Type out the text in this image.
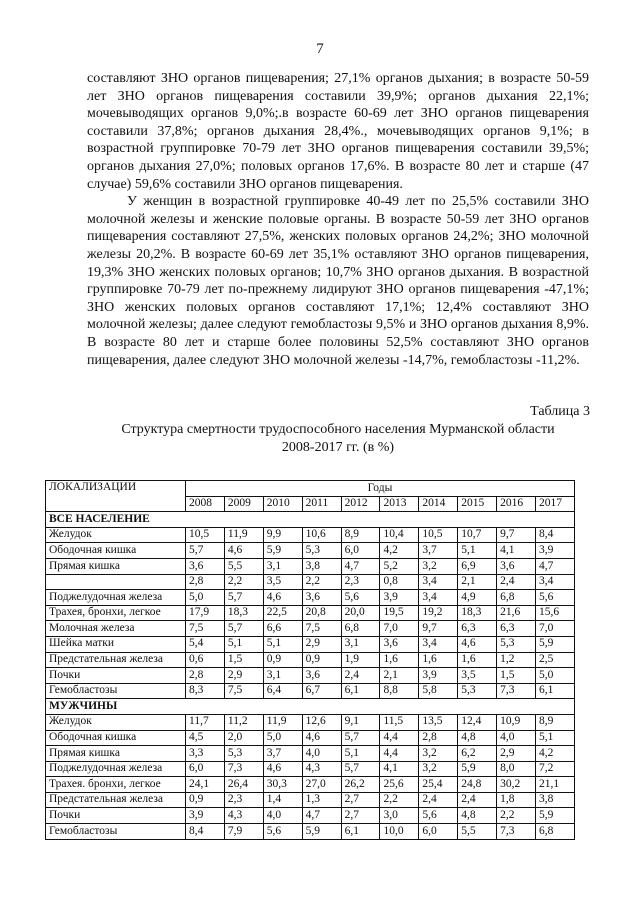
7

составляют ЗНО органов пищеварения; 27,1% органов дыхания; в возрасте 50-59 лет ЗНО органов пищеварения составили 39,9%; органов дыхания 22,1%; мочевыводящих органов 9,0%;.в возрасте 60-69 лет ЗНО органов пищеварения составили 37,8%; органов дыхания 28,4%., мочевыводящих органов 9,1%; в возрастной группировке 70-79 лет ЗНО органов пищеварения составили 39,5%; органов дыхания 27,0%; половых органов 17,6%. В возрасте 80 лет и старше (47 случае) 59,6% составили ЗНО органов пищеварения.

У женщин в возрастной группировке 40-49 лет по 25,5% составили ЗНО молочной железы и женские половые органы. В возрасте 50-59 лет ЗНО органов пищеварения составляют 27,5%, женских половых органов 24,2%; ЗНО молочной железы 20,2%. В возрасте 60-69 лет 35,1% оставляют ЗНО органов пищеварения, 19,3% ЗНО женских половых органов; 10,7% ЗНО органов дыхания. В возрастной группировке 70-79 лет по-прежнему лидируют ЗНО органов пищеварения -47,1%; ЗНО женских половых органов составляют 17,1%; 12,4% составляют ЗНО молочной железы; далее следуют гемобластозы 9,5% и ЗНО органов дыхания 8,9%. В возрасте 80 лет и старше более половины 52,5% составляют ЗНО органов пищеварения, далее следуют ЗНО молочной железы -14,7%, гемобластозы -11,2%.

Таблица 3
Структура смертности трудоспособного населения Мурманской области
2008-2017 гг. (в %)
ЛОКАЛИЗАЦИИ	Годы									
	2008	2009	2010	2011	2012	2013	2014	2015	2016	2017
ВСЕ НАСЕЛЕНИЕ										
Желудок	10,5	11,9	9,9	10,6	8,9	10,4	10,5	10,7	9,7	8,4
Ободочная кишка	5,7	4,6	5,9	5,3	6,0	4,2	3,7	5,1	4,1	3,9
Прямая кишка	3,6	5,5	3,1	3,8	4,7	5,2	3,2	6,9	3,6	4,7
	2,8	2,2	3,5	2,2	2,3	0,8	3,4	2,1	2,4	3,4
Поджелудочная железа	5,0	5,7	4,6	3,6	5,6	3,9	3,4	4,9	6,8	5,6
Трахея, бронхи, легкое	17,9	18,3	22,5	20,8	20,0	19,5	19,2	18,3	21,6	15,6
Молочная железа	7,5	5,7	6,6	7,5	6,8	7,0	9,7	6,3	6,3	7,0
Шейка матки	5,4	5,1	5,1	2,9	3,1	3,6	3,4	4,6	5,3	5,9
Предстательная железа	0,6	1,5	0,9	0,9	1,9	1,6	1,6	1,6	1,2	2,5
Почки	2,8	2,9	3,1	3,6	2,4	2,1	3,9	3,5	1,5	5,0
Гемобластозы	8,3	7,5	6,4	6,7	6,1	8,8	5,8	5,3	7,3	6,1
МУЖЧИНЫ										
Желудок	11,7	11,2	11,9	12,6	9,1	11,5	13,5	12,4	10,9	8,9
Ободочная кишка	4,5	2,0	5,0	4,6	5,7	4,4	2,8	4,8	4,0	5,1
Прямая кишка	3,3	5,3	3,7	4,0	5,1	4,4	3,2	6,2	2,9	4,2
Поджелудочная железа	6,0	7,3	4,6	4,3	5,7	4,1	3,2	5,9	8,0	7,2
Трахея. бронхи, легкое	24,1	26,4	30,3	27,0	26,2	25,6	25,4	24,8	30,2	21,1
Предстательная железа	0,9	2,3	1,4	1,3	2,7	2,2	2,4	2,4	1,8	3,8
Почки	3,9	4,3	4,0	4,7	2,7	3,0	5,6	4,8	2,2	5,9
Гемобластозы	8,4	7,9	5,6	5,9	6,1	10,0	6,0	5,5	7,3	6,8
